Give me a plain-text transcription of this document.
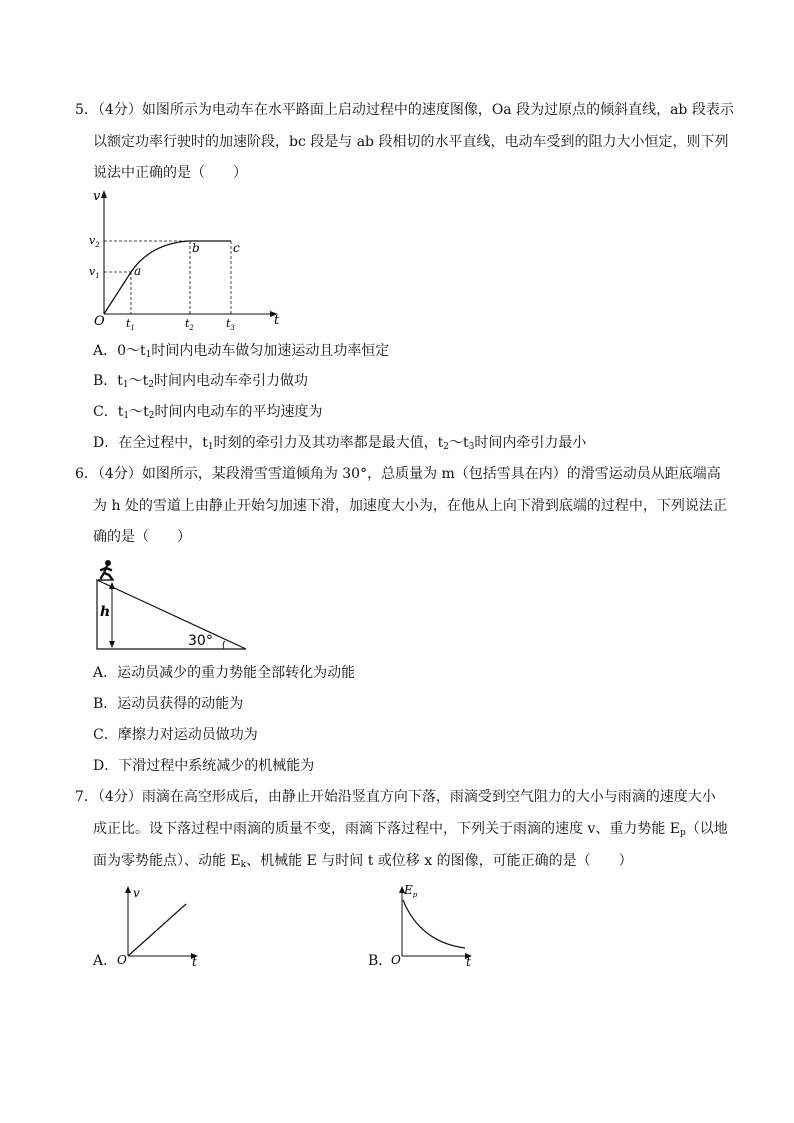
5．（4分）如图所示为电动车在水平路面上启动过程中的速度图像，Oa 段为过原点的倾斜直线，ab 段表示
以额定功率行驶时的加速阶段，bc 段是与 ab 段相切的水平直线，电动车受到的阻力大小恒定，则下列
说法中正确的是（　　）
v
$v_2$
$v_1$
O $t_1$	$t_2$	$t_3$	t
a
b	c
A．$0\sim t_1$时间内电动车做匀加速运动且功率恒定
B．$t_1\sim t_2$时间内电动车牵引力做功
C．$t_1\sim t_2$时间内电动车的平均速度为
D．在全过程中，$t_1$时刻的牵引力及其功率都是最大值，$t_2\sim t_3$时间内牵引力最小
6．（4分）如图所示，某段滑雪雪道倾角为 30°，总质量为 m（包括雪具在内）的滑雪运动员从距底端高
为 h 处的雪道上由静止开始匀加速下滑，加速度大小为，在他从上向下滑到底端的过程中，下列说法正
确的是（　　）
h
30°
A．运动员减少的重力势能全部转化为动能
B．运动员获得的动能为
C．摩擦力对运动员做功为
D．下滑过程中系统减少的机械能为
7．（4分）雨滴在高空形成后，由静止开始沿竖直方向下落，雨滴受到空气阻力的大小与雨滴的速度大小
成正比。设下落过程中雨滴的质量不变，雨滴下落过程中，下列关于雨滴的速度 v、重力势能 $E_p$（以地
面为零势能点）、动能 $E_k$、机械能 E 与时间 t 或位移 x 的图像，可能正确的是（　　）
A．
v
O	t	B．
$E_p$
O	t
